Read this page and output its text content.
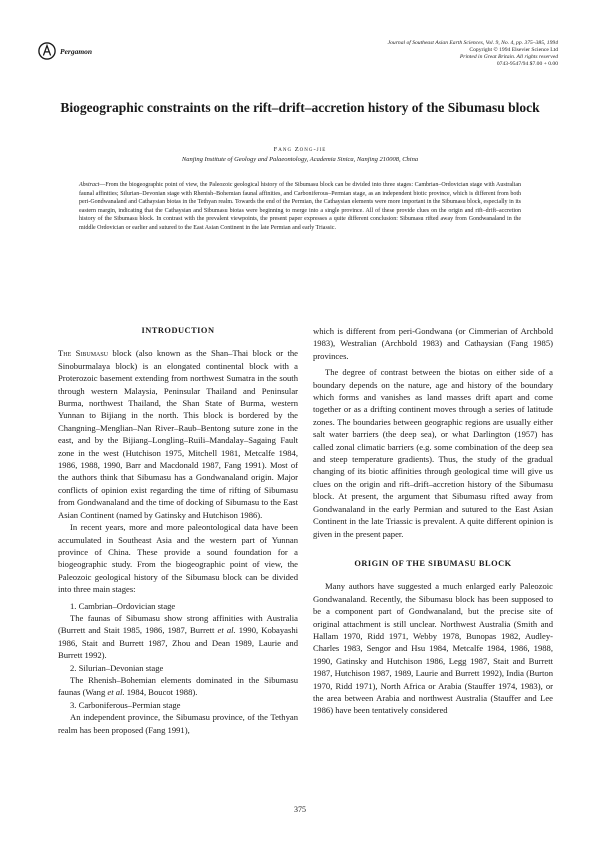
Pergamon
Journal of Southeast Asian Earth Sciences, Vol. 9, No. 4, pp. 375–385, 1994
Copyright © 1994 Elsevier Science Ltd
Printed in Great Britain. All rights reserved
0743-9547/94 $7.00 + 0.00
Biogeographic constraints on the rift–drift–accretion history of the Sibumasu block
Fang Zong-jie
Nanjing Institute of Geology and Palaeontology, Academia Sinica, Nanjing 210008, China
Abstract—From the biogeographic point of view, the Paleozoic geological history of the Sibumasu block can be divided into three stages: Cambrian–Ordovician stage with Australian faunal affinities; Silurian–Devonian stage with Rhenish–Bohemian faunal affinities, and Carboniferous–Permian stage, as an independent biotic province, which is different from both peri-Gondwanaland and Cathaysian biotas in the Tethyan realm. Towards the end of the Permian, the Cathaysian elements were more important in the Sibumasu block, especially in its eastern margin, indicating that the Cathaysian and Sibumasu biotas were beginning to merge into a single province. All of these provide clues on the origin and rift–drift–accretion history of the Sibumasu block. In contrast with the prevalent viewpoints, the present paper expresses a quite different conclusion: Sibumasu rifted away from Gondwanaland in the middle Ordovician or earlier and sutured to the East Asian Continent in the late Permian and early Triassic.

INTRODUCTION

The Sibumasu block (also known as the Shan–Thai block or the Sinoburmalaya block) is an elongated continental block with a Proterozoic basement extending from northwest Sumatra in the south through western Malaysia, Peninsular Thailand and Peninsular Burma, northwest Thailand, the Shan State of Burma, western Yunnan to Bijiang in the north. This block is bordered by the Changning–Menglian–Nan River–Raub–Bentong suture zone in the east, and by the Bijiang–Longling–Ruili–Mandalay–Sagaing Fault zone in the west (Hutchison 1975, Mitchell 1981, Metcalfe 1984, 1986, 1988, 1990, Barr and Macdonald 1987, Fang 1991). Most of the authors think that Sibumasu has a Gondwanaland origin. Major conflicts of opinion exist regarding the time of rifting of Sibumasu from Gondwanaland and the time of docking of Sibumasu to the East Asian Continent (named by Gatinsky and Hutchison 1986).

In recent years, more and more paleontological data have been accumulated in Southeast Asia and the western part of Yunnan province of China. These provide a sound foundation for a biogeographic study. From the biogeographic point of view, the Paleozoic geological history of the Sibumasu block can be divided into three main stages:

1. Cambrian–Ordovician stage

The faunas of Sibumasu show strong affinities with Australia (Burrett and Stait 1985, 1986, 1987, Burrett et al. 1990, Kobayashi 1986, Stait and Burrett 1987, Zhou and Dean 1989, Laurie and Burrett 1992).

2. Silurian–Devonian stage

The Rhenish–Bohemian elements dominated in the Sibumasu faunas (Wang et al. 1984, Boucot 1988).

3. Carboniferous–Permian stage

An independent province, the Sibumasu province, of the Tethyan realm has been proposed (Fang 1991),

which is different from peri-Gondwana (or Cimmerian of Archbold 1983), Westralian (Archbold 1983) and Cathaysian (Fang 1985) provinces.

The degree of contrast between the biotas on either side of a boundary depends on the nature, age and history of the boundary which forms and vanishes as land masses drift apart and come together or as a drifting continent moves through a series of latitude zones. The boundaries between geographic regions are usually either salt water barriers (the deep sea), or what Darlington (1957) has called zonal climatic barriers (e.g. some combination of the deep sea and steep temperature gradients). Thus, the study of the gradual changing of its biotic affinities through geological time will give us clues on the origin and rift–drift–accretion history of the Sibumasu block. At present, the argument that Sibumasu rifted away from Gondwanaland in the early Permian and sutured to the East Asian Continent in the late Triassic is prevalent. A quite different opinion is given in the present paper.

ORIGIN OF THE SIBUMASU BLOCK

Many authors have suggested a much enlarged early Paleozoic Gondwanaland. Recently, the Sibumasu block has been supposed to be a component part of Gondwanaland, but the precise site of original attachment is still unclear. Northwest Australia (Smith and Hallam 1970, Ridd 1971, Webby 1978, Bunopas 1982, Audley-Charles 1983, Sengor and Hsu 1984, Metcalfe 1984, 1986, 1988, 1990, Gatinsky and Hutchison 1986, Legg 1987, Stait and Burrett 1987, Hutchison 1987, 1989, Laurie and Burrett 1992), India (Burton 1970, Ridd 1971), North Africa or Arabia (Stauffer 1974, 1983), or the area between Arabia and northwest Australia (Stauffer and Lee 1986) have been tentatively considered

375
